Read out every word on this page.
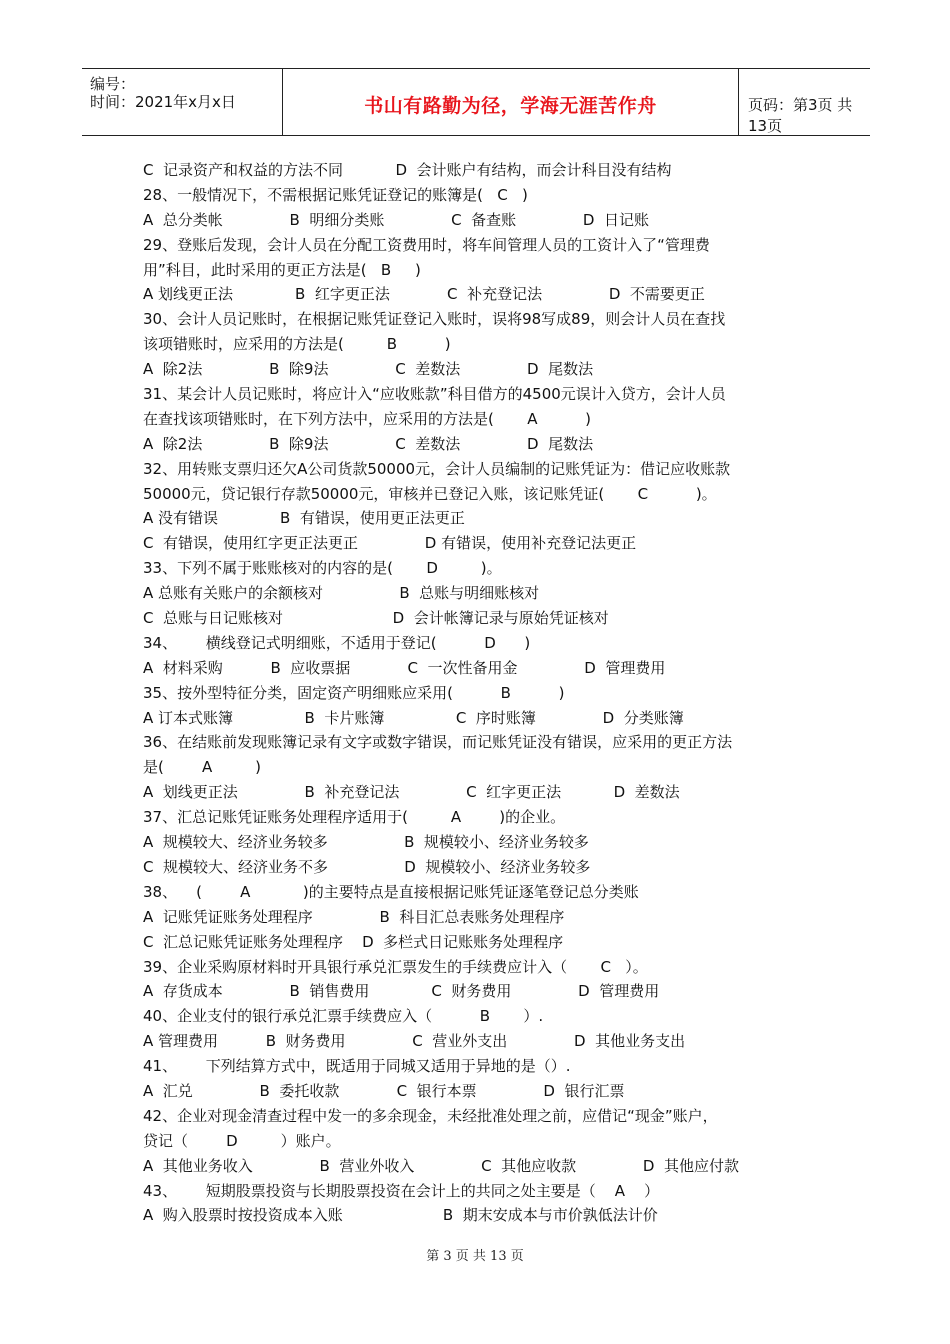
编号：
时间：2021年x月x日	书山有路勤为径，学海无涯苦作舟	页码：第3页 共13页
C  记录资产和权益的方法不同           D  会计账户有结构，而会计科目没有结构
28、一般情况下，不需根据记账凭证登记的账簿是(   C   )
A  总分类帐              B  明细分类账              C  备查账              D  日记账
29、登账后发现，会计人员在分配工资费用时，将车间管理人员的工资计入了“管理费
用”科目，此时采用的更正方法是(   B     )
A 划线更正法             B  红字更正法            C  补充登记法              D  不需要更正
30、会计人员记账时，在根据记账凭证登记入账时，误将98写成89，则会计人员在查找
该项错账时，应采用的方法是(         B          )
A  除2法              B  除9法              C  差数法              D  尾数法
31、某会计人员记账时，将应计入“应收账款”科目借方的4500元误计入贷方，会计人员
在查找该项错账时，在下列方法中，应采用的方法是(       A          )
A  除2法              B  除9法              C  差数法              D  尾数法
32、用转账支票归还欠A公司货款50000元，会计人员编制的记账凭证为：借记应收账款
50000元，贷记银行存款50000元，审核并已登记入账，该记账凭证(       C          )。
A 没有错误             B  有错误，使用更正法更正
C  有错误，使用红字更正法更正              D 有错误，使用补充登记法更正
33、下列不属于账账核对的内容的是(       D         )。
A 总账有关账户的余额核对                B  总账与明细账核对
C  总账与日记账核对                       D  会计帐簿记录与原始凭证核对
34、      横线登记式明细账，不适用于登记(          D      )
A  材料采购          B  应收票据            C  一次性备用金              D  管理费用
35、按外型特征分类，固定资产明细账应采用(          B          )
A 订本式账簿               B  卡片账簿               C  序时账簿              D  分类账簿
36、在结账前发现账簿记录有文字或数字错误，而记账凭证没有错误，应采用的更正方法
是(        A         )
A  划线更正法              B  补充登记法              C  红字更正法           D  差数法
37、汇总记账凭证账务处理程序适用于(         A        )的企业。
A  规模较大、经济业务较多                B  规模较小、经济业务较多
C  规模较大、经济业务不多                D  规模较小、经济业务较多
38、    (        A           )的主要特点是直接根据记账凭证逐笔登记总分类账
A  记账凭证账务处理程序              B  科目汇总表账务处理程序
C  汇总记账凭证账务处理程序    D  多栏式日记账账务处理程序
39、企业采购原材料时开具银行承兑汇票发生的手续费应计入（       C   ）。
A  存货成本              B  销售费用             C  财务费用              D  管理费用
40、企业支付的银行承兑汇票手续费应入（          B       ）.
A 管理费用          B  财务费用              C  营业外支出              D  其他业务支出
41、      下列结算方式中，既适用于同城又适用于异地的是（）.
A  汇兑              B  委托收款            C  银行本票              D  银行汇票
42、企业对现金清查过程中发一的多余现金，未经批准处理之前，应借记“现金”账户，
贷记（        D         ）账户。
A  其他业务收入              B  营业外收入              C  其他应收款              D  其他应付款
43、      短期股票投资与长期股票投资在会计上的共同之处主要是（    A    ）
A  购入股票时按投资成本入账                     B  期末安成本与市价孰低法计价
第 3 页 共 13 页
